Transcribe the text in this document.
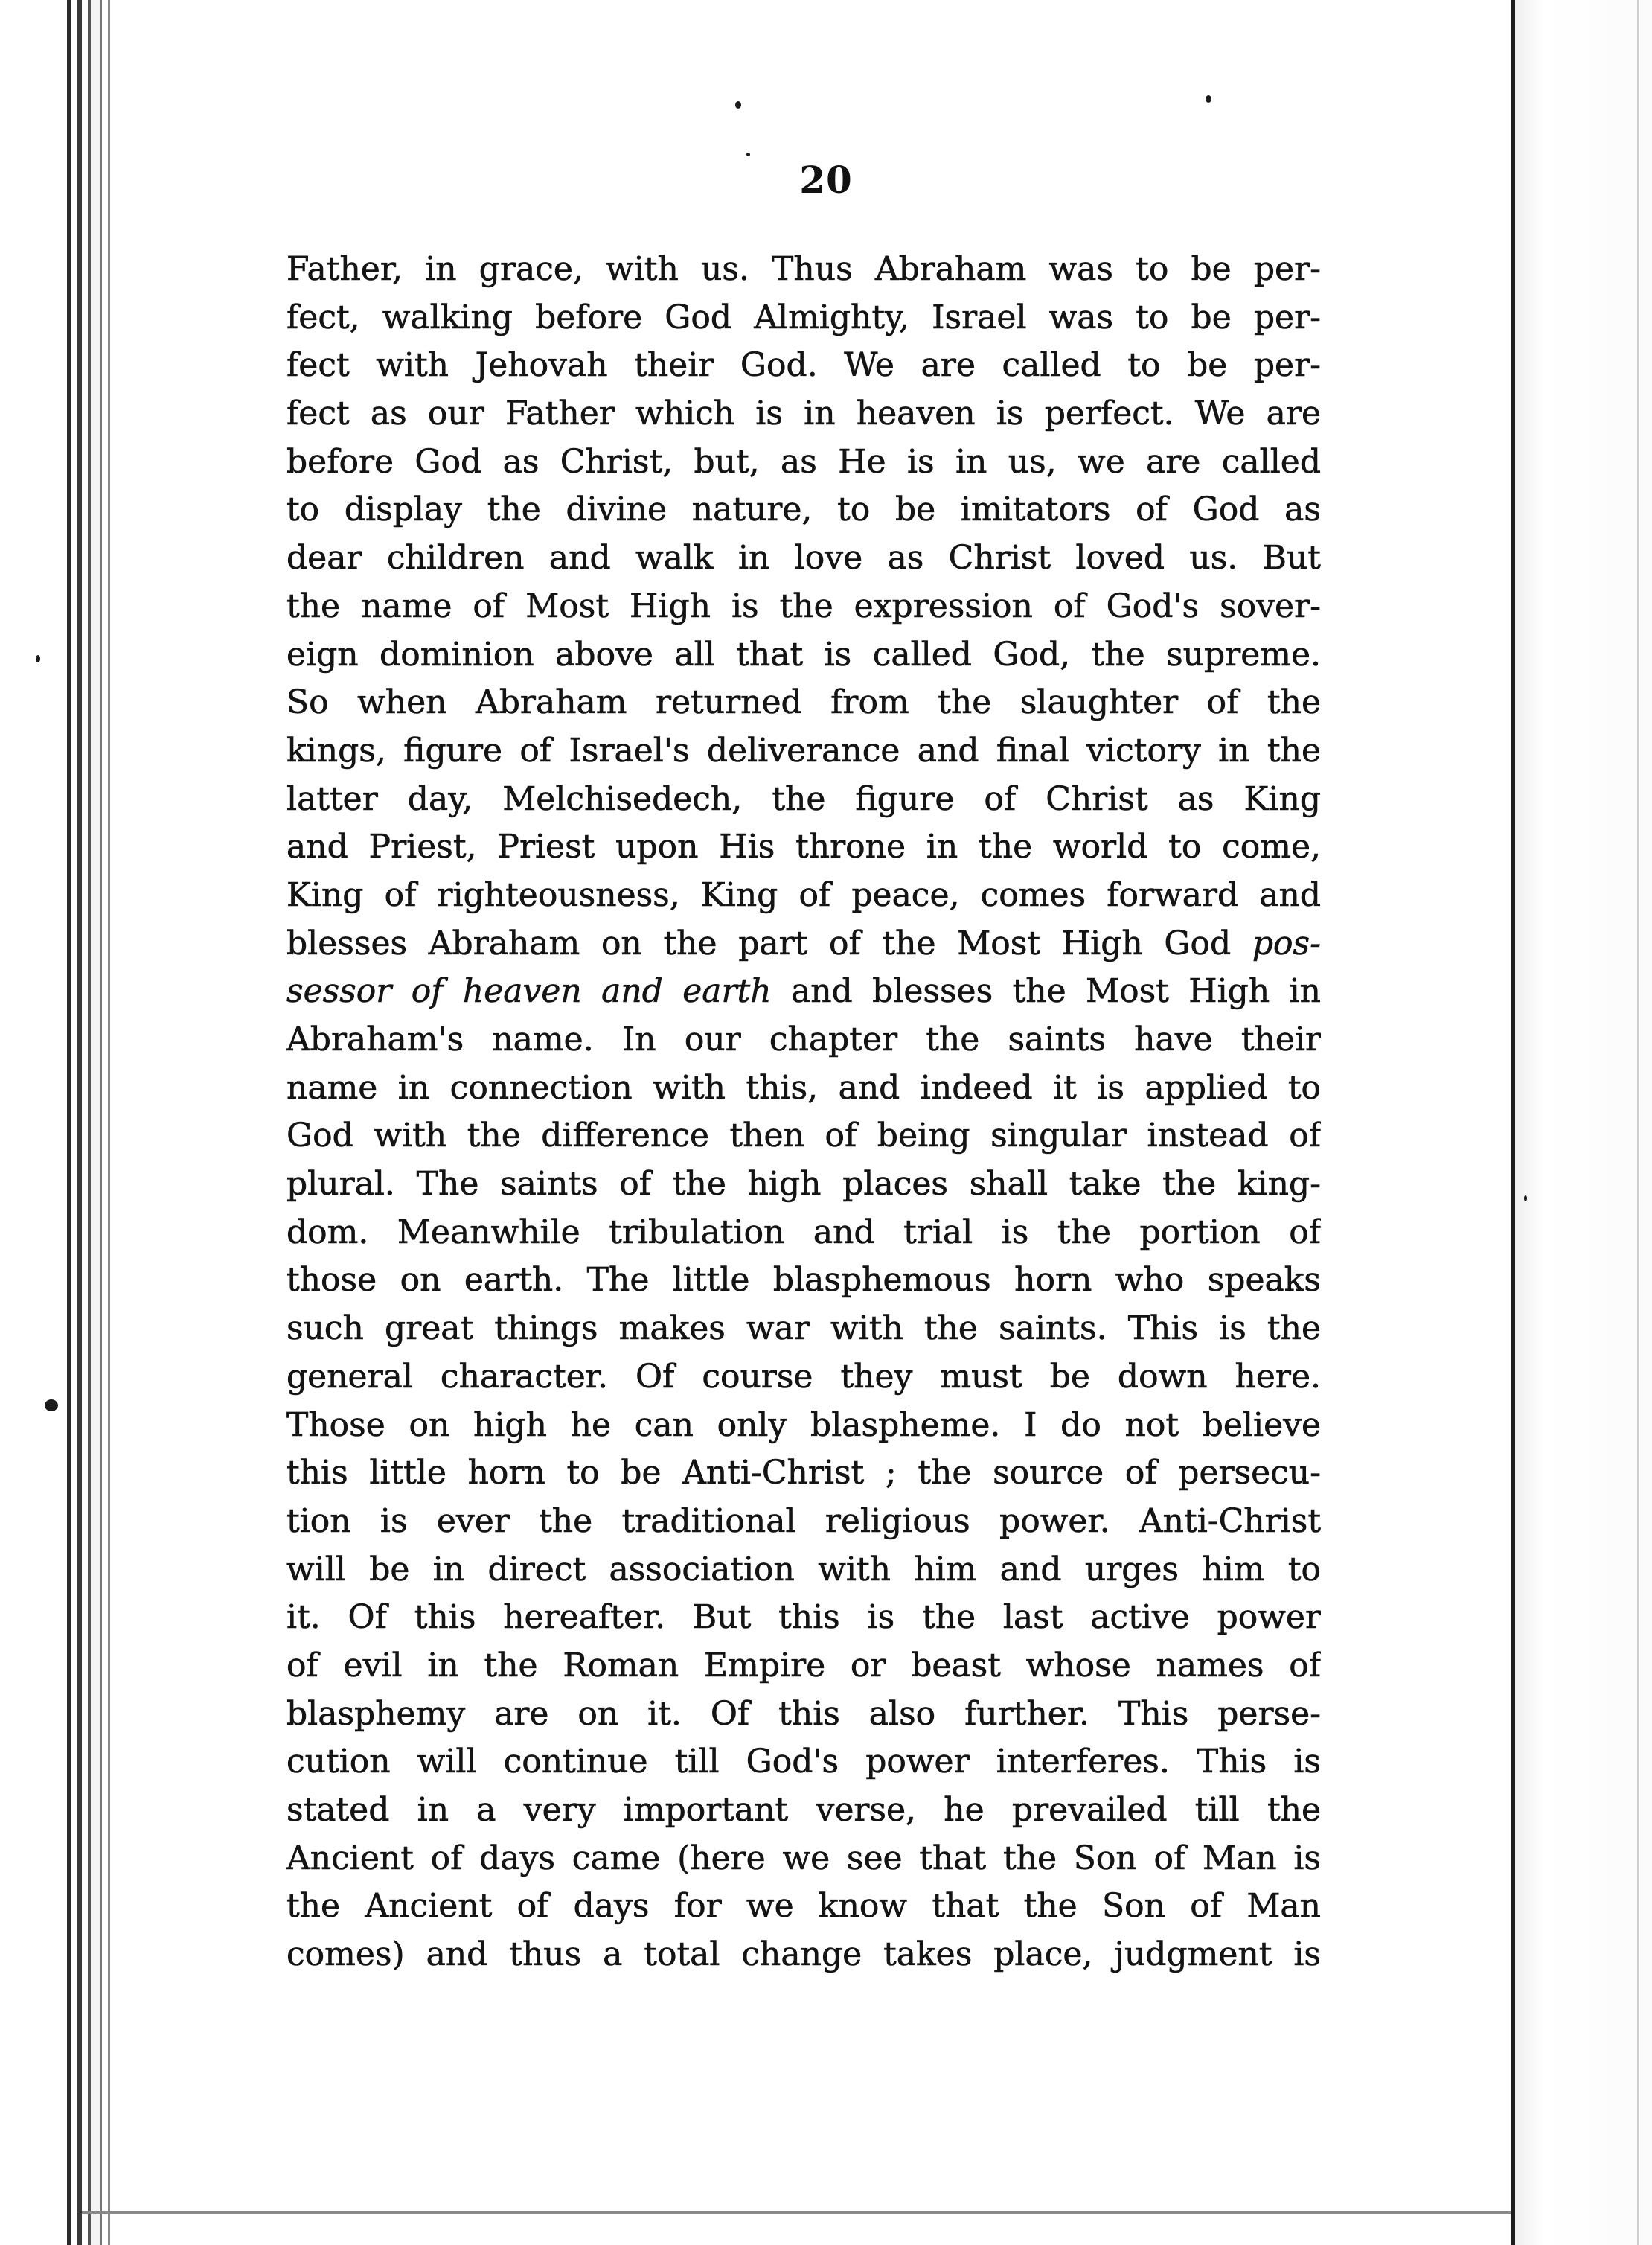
20
Father, in grace, with us. Thus Abraham was to be per-
fect, walking before God Almighty, Israel was to be per-
fect with Jehovah their God. We are called to be per-
fect as our Father which is in heaven is perfect. We are
before God as Christ, but, as He is in us, we are called
to display the divine nature, to be imitators of God as
dear children and walk in love as Christ loved us. But
the name of Most High is the expression of God's sover-
eign dominion above all that is called God, the supreme.
So when Abraham returned from the slaughter of the
kings, figure of Israel's deliverance and final victory in the
latter day, Melchisedech, the figure of Christ as King
and Priest, Priest upon His throne in the world to come,
King of righteousness, King of peace, comes forward and
blesses Abraham on the part of the Most High God pos-
sessor of heaven and earth and blesses the Most High in
Abraham's name. In our chapter the saints have their
name in connection with this, and indeed it is applied to
God with the difference then of being singular instead of
plural. The saints of the high places shall take the king-
dom. Meanwhile tribulation and trial is the portion of
those on earth. The little blasphemous horn who speaks
such great things makes war with the saints. This is the
general character. Of course they must be down here.
Those on high he can only blaspheme. I do not believe
this little horn to be Anti-Christ ; the source of persecu-
tion is ever the traditional religious power. Anti-Christ
will be in direct association with him and urges him to
it. Of this hereafter. But this is the last active power
of evil in the Roman Empire or beast whose names of
blasphemy are on it. Of this also further. This perse-
cution will continue till God's power interferes. This is
stated in a very important verse, he prevailed till the
Ancient of days came (here we see that the Son of Man is
the Ancient of days for we know that the Son of Man
comes) and thus a total change takes place, judgment is
